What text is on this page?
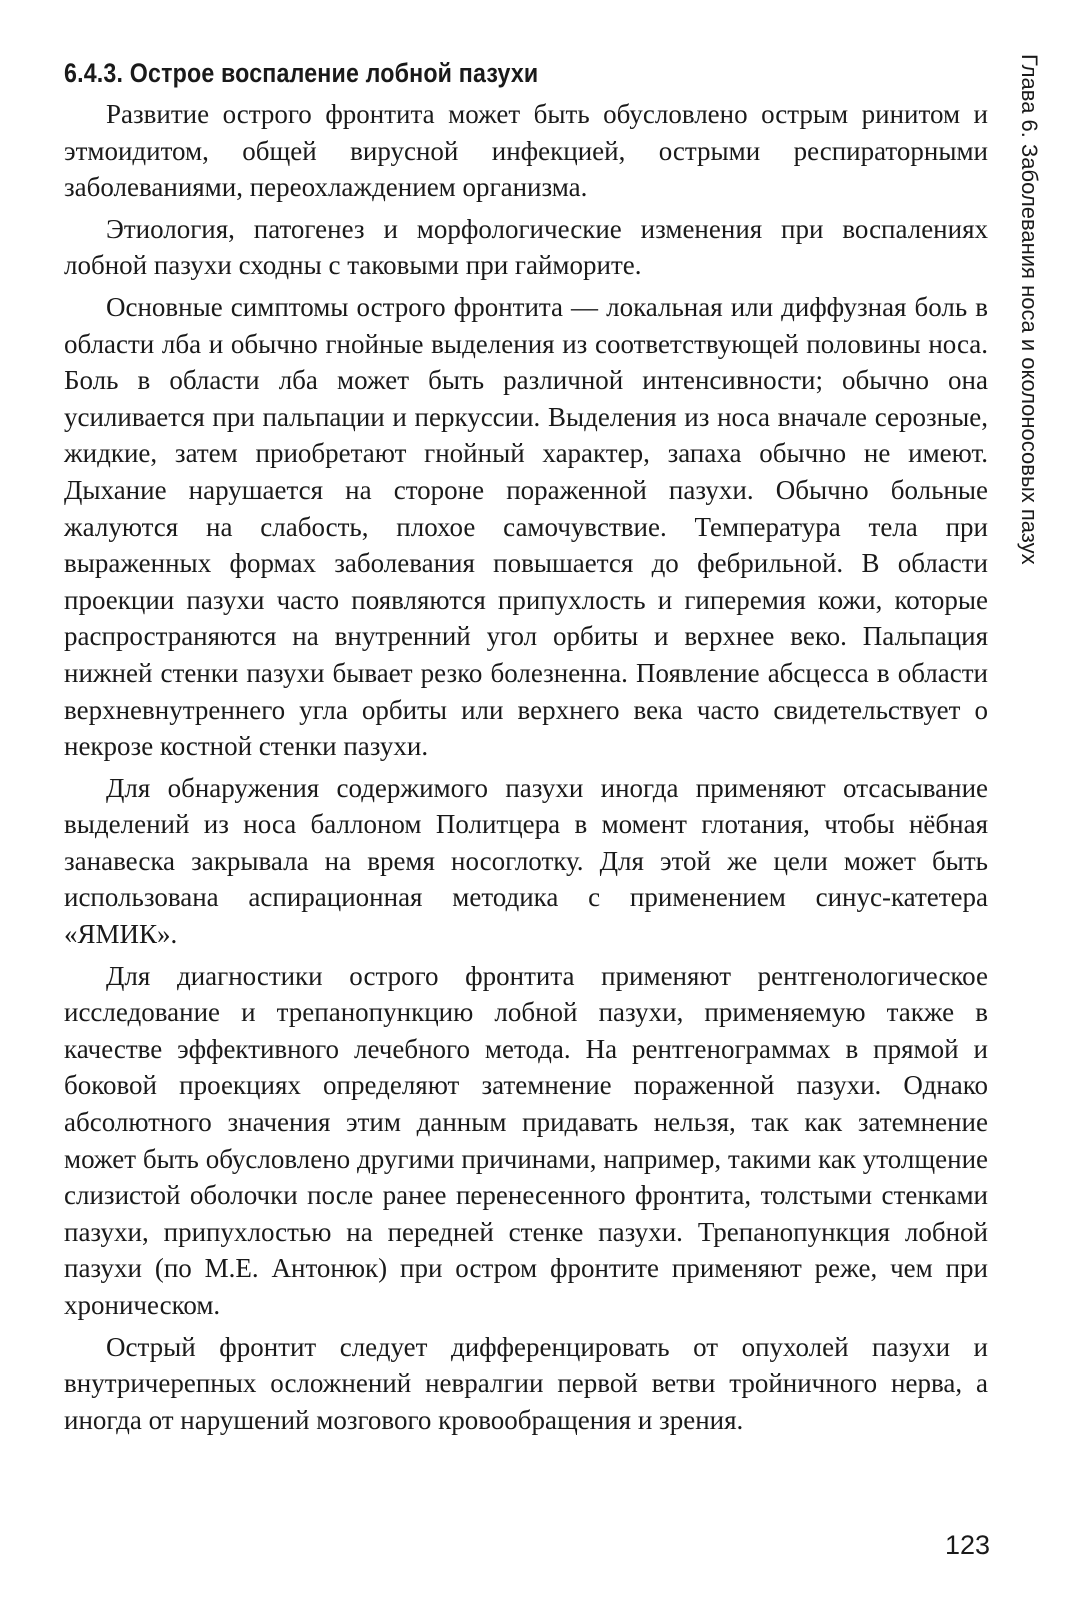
6.4.3. Острое воспаление лобной пазухи

Развитие острого фронтита может быть обусловлено острым ринитом и этмоидитом, общей вирусной инфекцией, острыми респираторными заболеваниями, переохлаждением организма.

Этиология, патогенез и морфологические изменения при воспалениях лобной пазухи сходны с таковыми при гайморите.

Основные симптомы острого фронтита — локальная или диффузная боль в области лба и обычно гнойные выделения из соответствующей половины носа. Боль в области лба может быть различной интенсивности; обычно она усиливается при пальпации и перкуссии. Выделения из носа вначале серозные, жидкие, затем приобретают гнойный характер, запаха обычно не имеют. Дыхание нарушается на стороне пораженной пазухи. Обычно больные жалуются на слабость, плохое самочувствие. Температура тела при выраженных формах заболевания повышается до фебрильной. В области проекции пазухи часто появляются припухлость и гиперемия кожи, которые распространяются на внутренний угол орбиты и верхнее веко. Пальпация нижней стенки пазухи бывает резко болезненна. Появление абсцесса в области верхневнутреннего угла орбиты или верхнего века часто свидетельствует о некрозе костной стенки пазухи.

Для обнаружения содержимого пазухи иногда применяют отсасывание выделений из носа баллоном Политцера в момент глотания, чтобы нёбная занавеска закрывала на время носоглотку. Для этой же цели может быть использована аспирационная методика с применением синус-катетера «ЯМИК».

Для диагностики острого фронтита применяют рентгенологическое исследование и трепанопункцию лобной пазухи, применяемую также в качестве эффективного лечебного метода. На рентгенограммах в прямой и боковой проекциях определяют затемнение пораженной пазухи. Однако абсолютного значения этим данным придавать нельзя, так как затемнение может быть обусловлено другими причинами, например, такими как утолщение слизистой оболочки после ранее перенесенного фронтита, толстыми стенками пазухи, припухлостью на передней стенке пазухи. Трепанопункция лобной пазухи (по М.Е. Антонюк) при остром фронтите применяют реже, чем при хроническом.

Острый фронтит следует дифференцировать от опухолей пазухи и внутричерепных осложнений невралгии первой ветви тройничного нерва, а иногда от нарушений мозгового кровообращения и зрения.

Глава 6. Заболевания носа и околоносовых пазух
123
